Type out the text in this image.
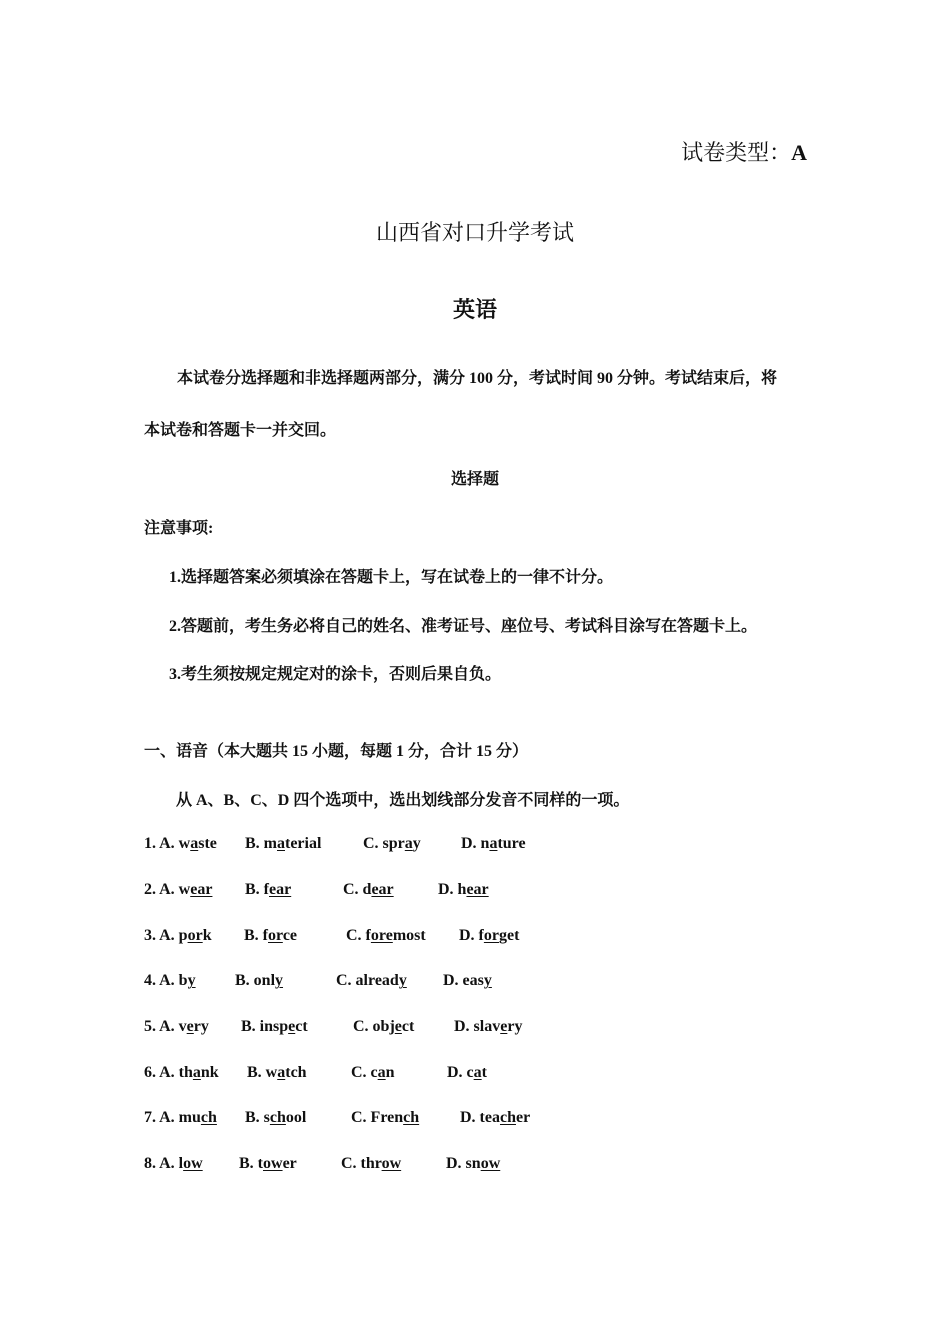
试卷类型：A
山西省对口升学考试
英语
本试卷分选择题和非选择题两部分，满分 100 分，考试时间 90 分钟。考试结束后，将
本试卷和答题卡一并交回。
选择题
注意事项:
1.选择题答案必须填涂在答题卡上，写在试卷上的一律不计分。
2.答题前，考生务必将自己的姓名、准考证号、座位号、考试科目涂写在答题卡上。
3.考生须按规定规定对的涂卡，否则后果自负。
一、语音（本大题共 15 小题，每题 1 分，合计 15 分）
从 A、B、C、D 四个选项中，选出划线部分发音不同样的一项。
1. A. waste B. material	C. spray	D. nature
2. A. wear B. fear	C. dear	D. hear
3. A. pork B. force	C. foremost D. forget
4. A. by B. only	C. already D. easy
5. A. very B. inspect	C. object D. slavery
6. A. thank B. watch	C. can	D. cat
7. A. much B. school	C. French	D. teacher
8. A. low B. tower	C. throw	D. snow
